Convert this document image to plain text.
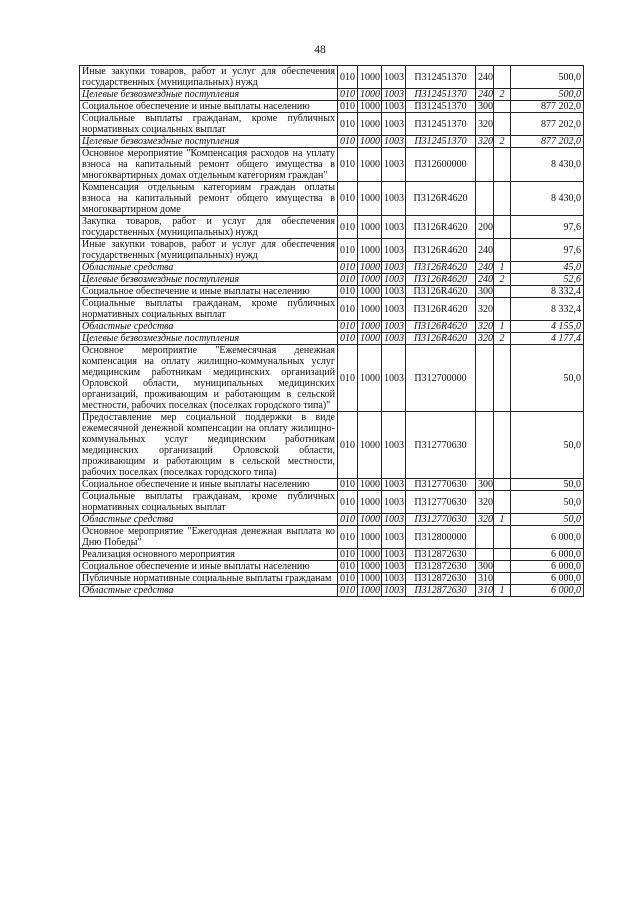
48
Иные закупки товаров, работ и услуг для обеспечения государственных (муниципальных) нужд	010	1000	1003	П312451370	240		500,0
Целевые безвозмездные поступления	010	1000	1003	П312451370	240	2	500,0
Социальное обеспечение и иные выплаты населению	010	1000	1003	П312451370	300		877 202,0
Социальные выплаты гражданам, кроме публичных нормативных социальных выплат	010	1000	1003	П312451370	320		877 202,0
Целевые безвозмездные поступления	010	1000	1003	П312451370	320	2	877 202,0
Основное мероприятие "Компенсация расходов на уплату взноса на капитальный ремонт общего имущества в многоквартирных домах отдельным категориям граждан"	010	1000	1003	П312600000			8 430,0
Компенсация отдельным категориям граждан оплаты взноса на капитальный ремонт общего имущества в многоквартирном доме	010	1000	1003	П3126R4620			8 430,0
Закупка товаров, работ и услуг для обеспечения государственных (муниципальных) нужд	010	1000	1003	П3126R4620	200		97,6
Иные закупки товаров, работ и услуг для обеспечения государственных (муниципальных) нужд	010	1000	1003	П3126R4620	240		97,6
Областные средства	010	1000	1003	П3126R4620	240	1	45,0
Целевые безвозмездные поступления	010	1000	1003	П3126R4620	240	2	52,6
Социальное обеспечение и иные выплаты населению	010	1000	1003	П3126R4620	300		8 332,4
Социальные выплаты гражданам, кроме публичных нормативных социальных выплат	010	1000	1003	П3126R4620	320		8 332,4
Областные средства	010	1000	1003	П3126R4620	320	1	4 155,0
Целевые безвозмездные поступления	010	1000	1003	П3126R4620	320	2	4 177,4
Основное мероприятие "Ежемесячная денежная компенсация на оплату жилищно-коммунальных услуг медицинским работникам медицинских организаций Орловской области, муниципальных медицинских организаций, проживающим и работающим в сельской местности, рабочих поселках (поселках городского типа)"	010	1000	1003	П312700000			50,0
Предоставление мер социальной поддержки в виде ежемесячной денежной компенсации на оплату жилищно-коммунальных услуг медицинским работникам медицинских организаций Орловской области, проживающим и работающим в сельской местности, рабочих поселках (поселках городского типа)	010	1000	1003	П312770630			50,0
Социальное обеспечение и иные выплаты населению	010	1000	1003	П312770630	300		50,0
Социальные выплаты гражданам, кроме публичных нормативных социальных выплат	010	1000	1003	П312770630	320		50,0
Областные средства	010	1000	1003	П312770630	320	1	50,0
Основное мероприятие "Ежегодная денежная выплата ко Дню Победы"	010	1000	1003	П312800000			6 000,0
Реализация основного мероприятия	010	1000	1003	П312872630			6 000,0
Социальное обеспечение и иные выплаты населению	010	1000	1003	П312872630	300		6 000,0
Публичные нормативные социальные выплаты гражданам	010	1000	1003	П312872630	310		6 000,0
Областные средства	010	1000	1003	П312872630	310	1	6 000,0
